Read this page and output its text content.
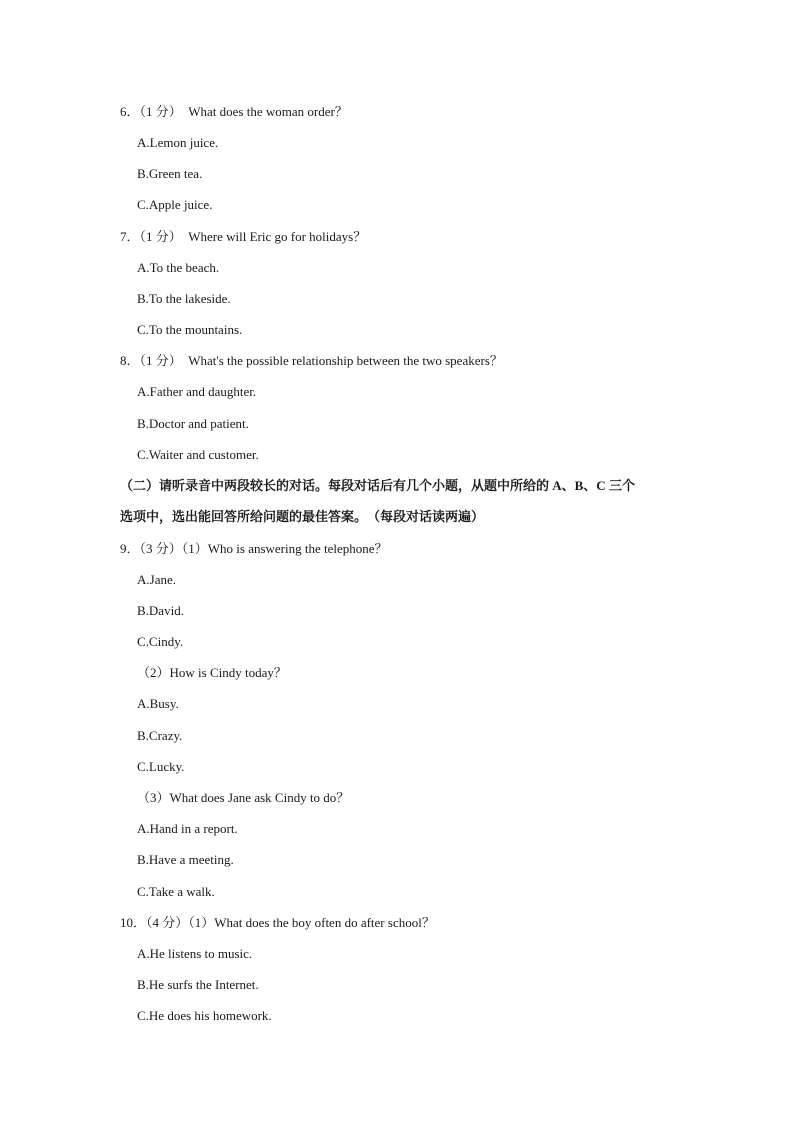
6．（1 分）　What does the woman order？
A.Lemon juice.
B.Green tea.
C.Apple juice.
7．（1 分）　Where will Eric go for holidays？
A.To the beach.
B.To the lakeside.
C.To the mountains.
8．（1 分）　What's the possible relationship between the two speakers？
A.Father and daughter.
B.Doctor and patient.
C.Waiter and customer.
（二）请听录音中两段较长的对话。每段对话后有几个小题，从题中所给的 A、B、C 三个
选项中，选出能回答所给问题的最佳答案。　（每段对话读两遍）
9．（3 分）（1）Who is answering the telephone？
A.Jane.
B.David.
C.Cindy.
（2）How is Cindy today？
A.Busy.
B.Crazy.
C.Lucky.
（3）What does Jane ask Cindy to do？
A.Hand in a report.
B.Have a meeting.
C.Take a walk.
10．（4 分）（1）What does the boy often do after school？
A.He listens to music.
B.He surfs the Internet.
C.He does his homework.
